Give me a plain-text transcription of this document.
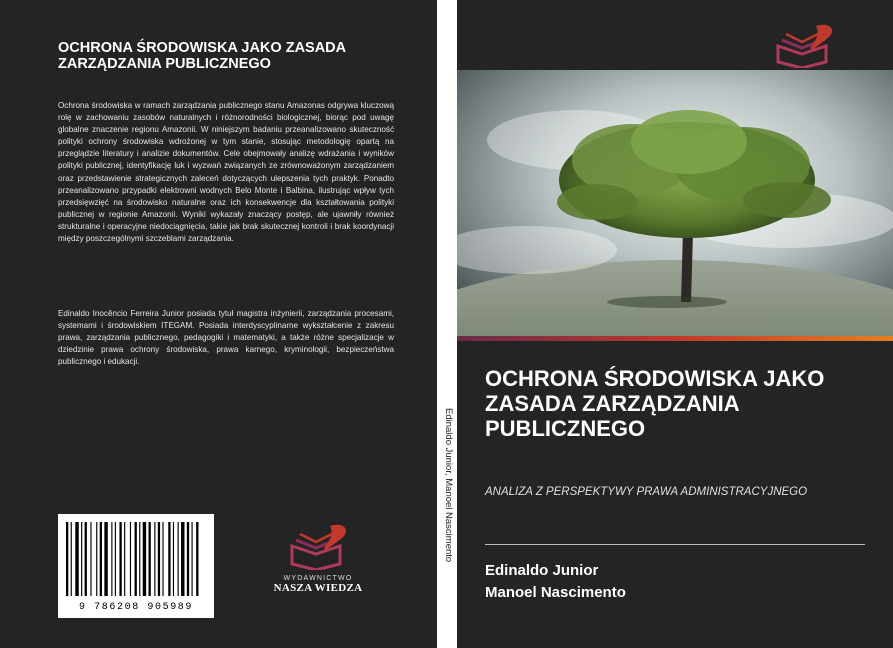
OCHRONA ŚRODOWISKA JAKO ZASADA ZARZĄDZANIA PUBLICZNEGO
Ochrona środowiska w ramach zarządzania publicznego stanu Amazonas odgrywa kluczową rolę w zachowaniu zasobów naturalnych i różnorodności biologicznej, biorąc pod uwagę globalne znaczenie regionu Amazonii. W niniejszym badaniu przeanalizowano skuteczność polityki ochrony środowiska wdrożonej w tym stanie, stosując metodologię opartą na przeglądzie literatury i analizie dokumentów. Cele obejmowały analizę wdrażania i wyników polityki publicznej, identyfikację luk i wyzwań związanych ze zrównoważonym zarządzaniem oraz przedstawienie strategicznych zaleceń dotyczących ulepszenia tych praktyk. Ponadto przeanalizowano przypadki elektrowni wodnych Belo Monte i Balbina, ilustrując wpływ tych przedsięwzięć na środowisko naturalne oraz ich konsekwencje dla kształtowania polityki publicznej w regionie Amazonii. Wyniki wykazały znaczący postęp, ale ujawniły również strukturalne i operacyjne niedociągnięcia, takie jak brak skutecznej kontroli i brak koordynacji między poszczególnymi szczeblami zarządzania.
Edinaldo Inocêncio Ferreira Junior posiada tytuł magistra inżynierii, zarządzania procesami, systemami i środowiskiem ITEGAM. Posiada interdyscyplinarne wykształcenie z zakresu prawa, zarządzania publicznego, pedagogiki i matematyki, a także różne specjalizacje w dziedzinie prawa ochrony środowiska, prawa karnego, kryminologii, bezpieczeństwa publicznego i edukacji.
9 786208 905989
WYDAWNICTWO
NASZA WIEDZA
Edinaldo Junior, Manoel Nascimento
OCHRONA ŚRODOWISKA JAKO ZASADA ZARZĄDZANIA PUBLICZNEGO
ANALIZA Z PERSPEKTYWY PRAWA ADMINISTRACYJNEGO
Edinaldo Junior
Manoel Nascimento
